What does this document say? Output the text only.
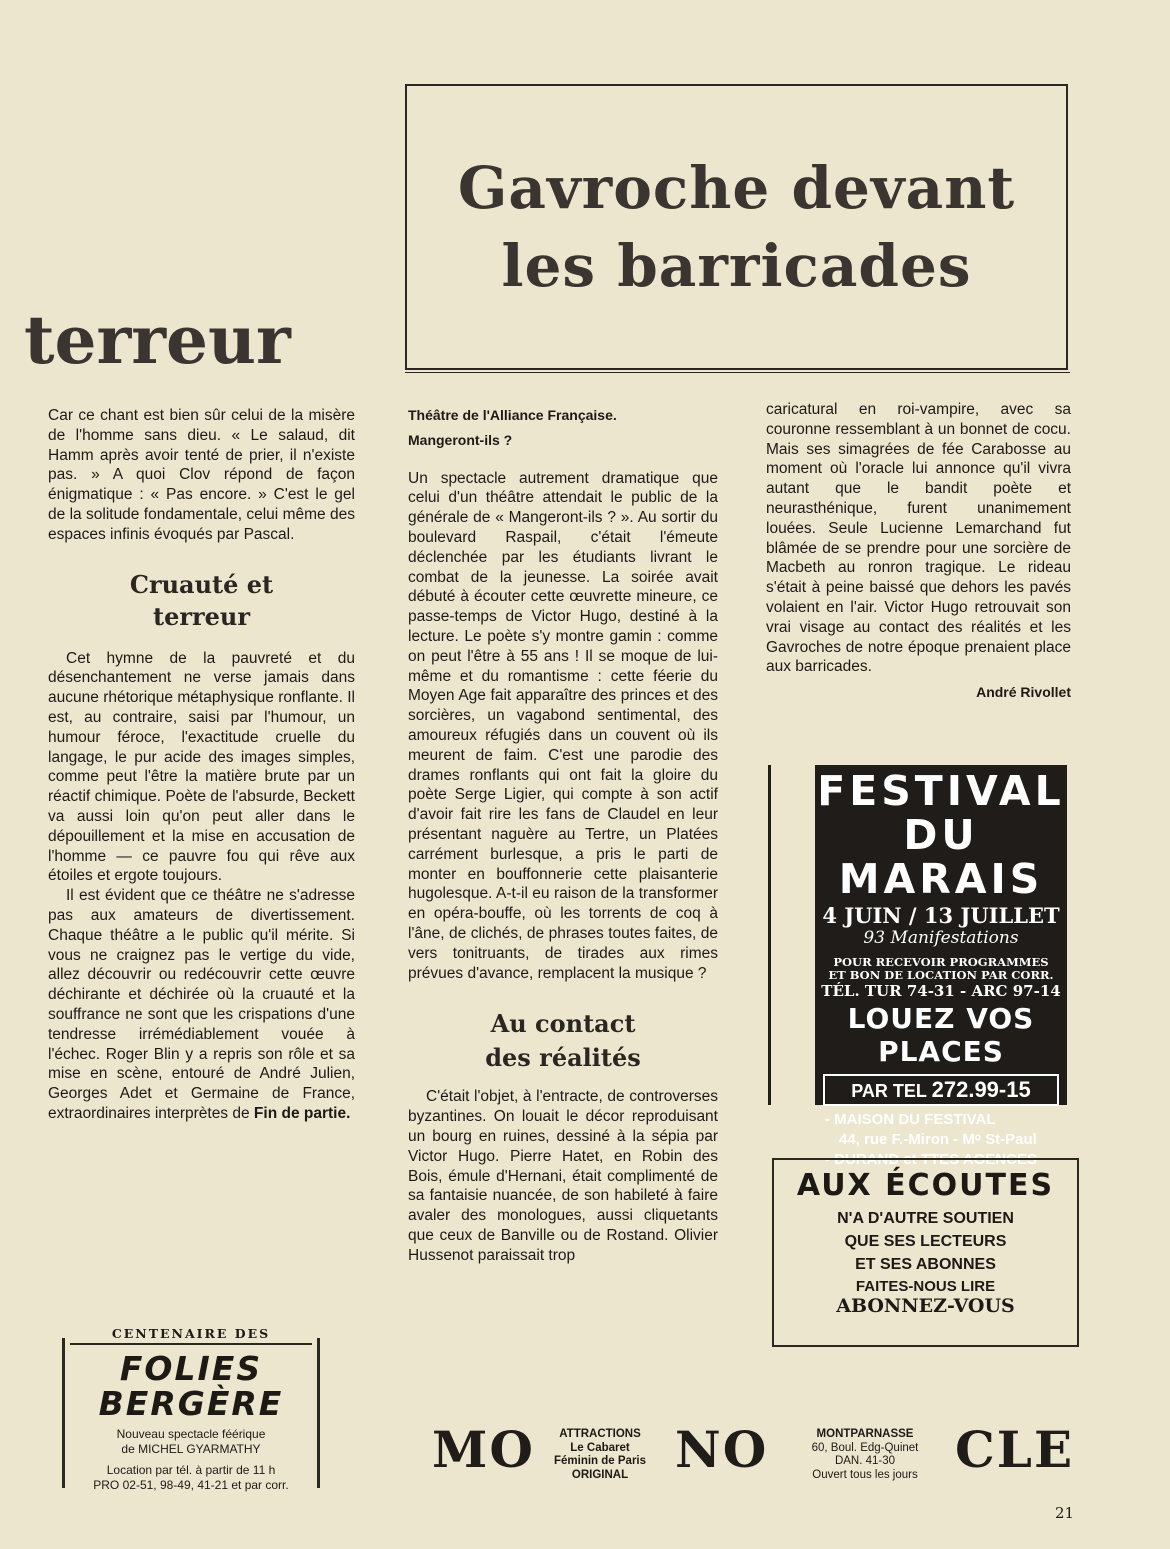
terreur

Car ce chant est bien sûr celui de la misère de l'homme sans dieu. « Le salaud, dit Hamm après avoir tenté de prier, il n'existe pas. » A quoi Clov répond de façon énigmatique : « Pas encore. » C'est le gel de la solitude fondamentale, celui même des espaces infinis évoqués par Pascal.

Cruauté et
terreur

Cet hymne de la pauvreté et du désenchantement ne verse jamais dans aucune rhétorique métaphysique ronflante. Il est, au contraire, saisi par l'humour, un humour féroce, l'exactitude cruelle du langage, le pur acide des images simples, comme peut l'être la matière brute par un réactif chimique. Poète de l'absurde, Beckett va aussi loin qu'on peut aller dans le dépouillement et la mise en accusation de l'homme — ce pauvre fou qui rêve aux étoiles et ergote toujours.

Il est évident que ce théâtre ne s'adresse pas aux amateurs de divertissement. Chaque théâtre a le public qu'il mérite. Si vous ne craignez pas le vertige du vide, allez découvrir ou redécouvrir cette œuvre déchirante et déchirée où la cruauté et la souffrance ne sont que les crispations d'une tendresse irrémédiablement vouée à l'échec. Roger Blin y a repris son rôle et sa mise en scène, entouré de André Julien, Georges Adet et Germaine de France, extraordinaires interprètes de Fin de partie.

Gavroche devant
les barricades

Théâtre de l'Alliance Française.

Mangeront-ils ?

Un spectacle autrement dramatique que celui d'un théâtre attendait le public de la générale de « Mangeront-ils ? ». Au sortir du boulevard Raspail, c'était l'émeute déclenchée par les étudiants livrant le combat de la jeunesse. La soirée avait débuté à écouter cette œuvrette mineure, ce passe-temps de Victor Hugo, destiné à la lecture. Le poète s'y montre gamin : comme on peut l'être à 55 ans ! Il se moque de lui-même et du romantisme : cette féerie du Moyen Age fait apparaître des princes et des sorcières, un vagabond sentimental, des amoureux réfugiés dans un couvent où ils meurent de faim. C'est une parodie des drames ronflants qui ont fait la gloire du poète Serge Ligier, qui compte à son actif d'avoir fait rire les fans de Claudel en leur présentant naguère au Tertre, un Platées carrément burlesque, a pris le parti de monter en bouffonnerie cette plaisanterie hugolesque. A-t-il eu raison de la transformer en opéra-bouffe, où les torrents de coq à l'âne, de clichés, de phrases toutes faites, de vers tonitruants, de tirades aux rimes prévues d'avance, remplacent la musique ?

Au contact
des réalités

C'était l'objet, à l'entracte, de controverses byzantines. On louait le décor reproduisant un bourg en ruines, dessiné à la sépia par Victor Hugo. Pierre Hatet, en Robin des Bois, émule d'Hernani, était complimenté de sa fantaisie nuancée, de son habileté à faire avaler des monologues, aussi cliquetants que ceux de Banville ou de Rostand. Olivier Hussenot paraissait trop

caricatural en roi-vampire, avec sa couronne ressemblant à un bonnet de cocu. Mais ses simagrées de fée Carabosse au moment où l'oracle lui annonce qu'il vivra autant que le bandit poète et neurasthénique, furent unanimement louées. Seule Lucienne Lemarchand fut blâmée de se prendre pour une sorcière de Macbeth au ronron tragique. Le rideau s'était à peine baissé que dehors les pavés volaient en l'air. Victor Hugo retrouvait son vrai visage au contact des réalités et les Gavroches de notre époque prenaient place aux barricades.

André Rivollet

FESTIVAL
DU MARAIS
4 JUIN / 13 JUILLET
93 Manifestations
POUR RECEVOIR PROGRAMMES
ET BON DE LOCATION PAR CORR.
TÉL. TUR 74-31 - ARC 97-14
LOUEZ VOS PLACES
PAR TEL 272.99-15
- MAISON DU FESTIVAL
44, rue F.-Miron - Mᵒ St-Paul
- DURAND et TTES AGENCES
AUX ÉCOUTES
N'A D'AUTRE SOUTIEN
QUE SES LECTEURS
ET SES ABONNES
FAITES-NOUS LIRE
ABONNEZ-VOUS
CENTENAIRE DES
FOLIES
BERGÈRE
Nouveau spectacle féérique
de MICHEL GYARMATHY
Location par tél. à partir de 11 h
PRO 02-51, 98-49, 41-21 et par corr.
MO	ATTRACTIONS
Le Cabaret
Féminin de Paris
ORIGINAL NO	MONTPARNASSE
60, Boul. Edg-Quinet
DAN. 41-30
Ouvert tous les jours CLE
21
